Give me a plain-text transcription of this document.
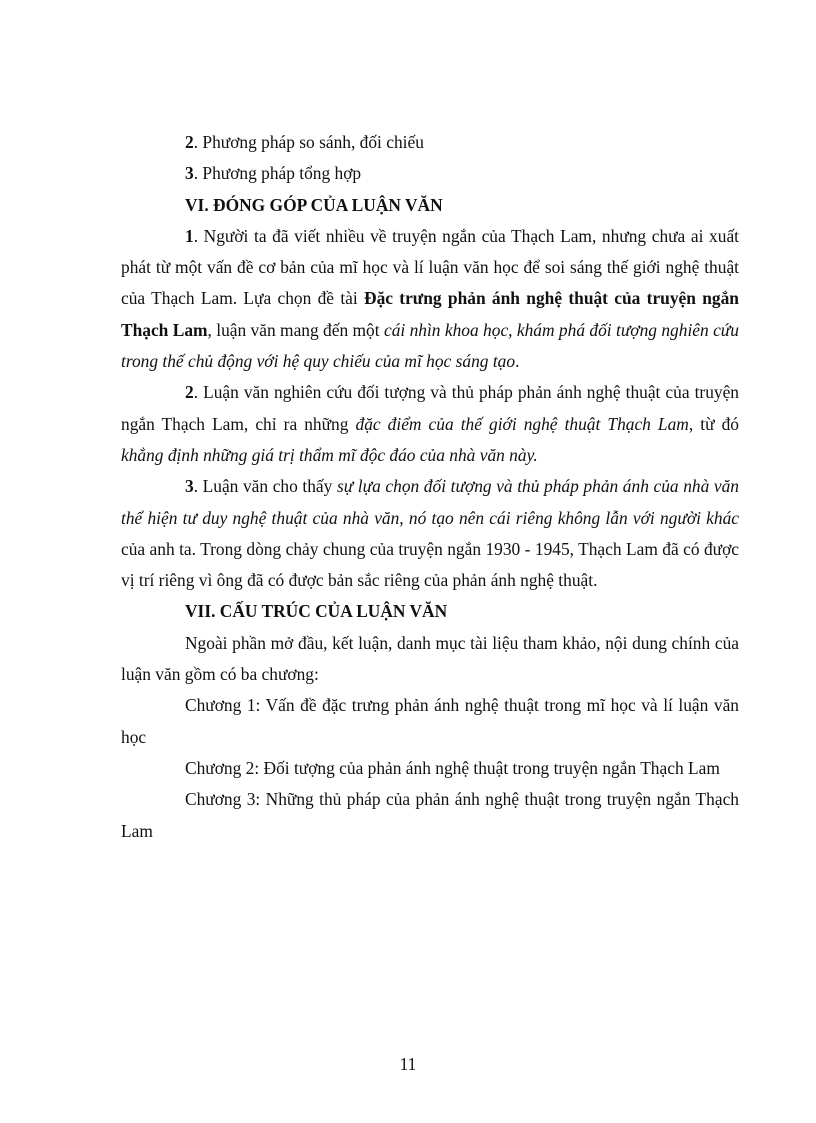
2. Phương pháp so sánh, đối chiếu

3. Phương pháp tổng hợp

VI. ĐÓNG GÓP CỦA LUẬN VĂN

1. Người ta đã viết nhiều về truyện ngắn của Thạch Lam, nhưng chưa ai xuất phát từ một vấn đề cơ bản của mĩ học và lí luận văn học để soi sáng thế giới nghệ thuật của Thạch Lam. Lựa chọn đề tài Đặc trưng phản ánh nghệ thuật của truyện ngắn Thạch Lam, luận văn mang đến một cái nhìn khoa học, khám phá đối tượng nghiên cứu trong thế chủ động với hệ quy chiếu của mĩ học sáng tạo.

2. Luận văn nghiên cứu đối tượng và thủ pháp phản ánh nghệ thuật của truyện ngắn Thạch Lam, chỉ ra những đặc điểm của thế giới nghệ thuật Thạch Lam, từ đó khẳng định những giá trị thẩm mĩ độc đáo của nhà văn này.

3. Luận văn cho thấy sự lựa chọn đối tượng và thủ pháp phản ánh của nhà văn thể hiện tư duy nghệ thuật của nhà văn, nó tạo nên cái riêng không lẫn với người khác của anh ta. Trong dòng chảy chung của truyện ngắn 1930 - 1945, Thạch Lam đã có được vị trí riêng vì ông đã có được bản sắc riêng của phản ánh nghệ thuật.

VII. CẤU TRÚC CỦA LUẬN VĂN

Ngoài phần mở đầu, kết luận, danh mục tài liệu tham khảo, nội dung chính của luận văn gồm có ba chương:

Chương 1: Vấn đề đặc trưng phản ánh nghệ thuật trong mĩ học và lí luận văn học

Chương 2: Đối tượng của phản ánh nghệ thuật trong truyện ngắn Thạch Lam

Chương 3: Những thủ pháp của phản ánh nghệ thuật trong truyện ngắn Thạch Lam

11
